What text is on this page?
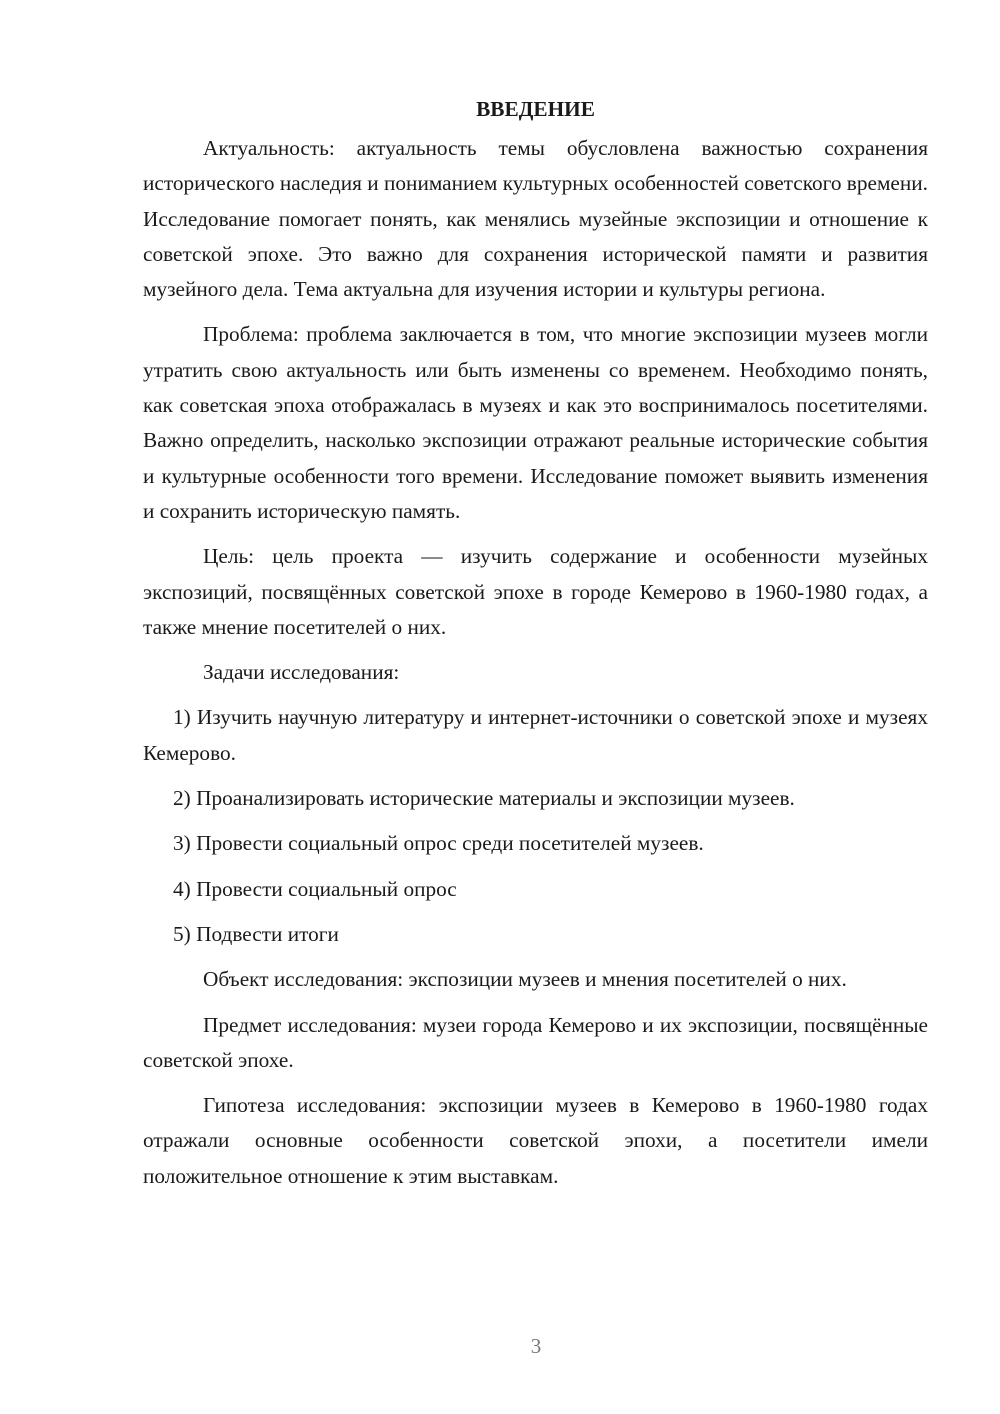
ВВЕДЕНИЕ

Актуальность: актуальность темы обусловлена важностью сохранения исторического наследия и пониманием культурных особенностей советского времени. Исследование помогает понять, как менялись музейные экспозиции и отношение к советской эпохе. Это важно для сохранения исторической памяти и развития музейного дела. Тема актуальна для изучения истории и культуры региона.

Проблема: проблема заключается в том, что многие экспозиции музеев могли утратить свою актуальность или быть изменены со временем. Необходимо понять, как советская эпоха отображалась в музеях и как это воспринималось посетителями. Важно определить, насколько экспозиции отражают реальные исторические события и культурные особенности того времени. Исследование поможет выявить изменения и сохранить историческую память.

Цель: цель проекта — изучить содержание и особенности музейных экспозиций, посвящённых советской эпохе в городе Кемерово в 1960-1980 годах, а также мнение посетителей о них.

Задачи исследования:

1) Изучить научную литературу и интернет-источники о советской эпохе и музеях Кемерово.

2) Проанализировать исторические материалы и экспозиции музеев.

3) Провести социальный опрос среди посетителей музеев.

4) Провести социальный опрос

5) Подвести итоги

Объект исследования: экспозиции музеев и мнения посетителей о них.

Предмет исследования: музеи города Кемерово и их экспозиции, посвящённые советской эпохе.

Гипотеза исследования: экспозиции музеев в Кемерово в 1960-1980 годах отражали основные особенности советской эпохи, а посетители имели положительное отношение к этим выставкам.

3
